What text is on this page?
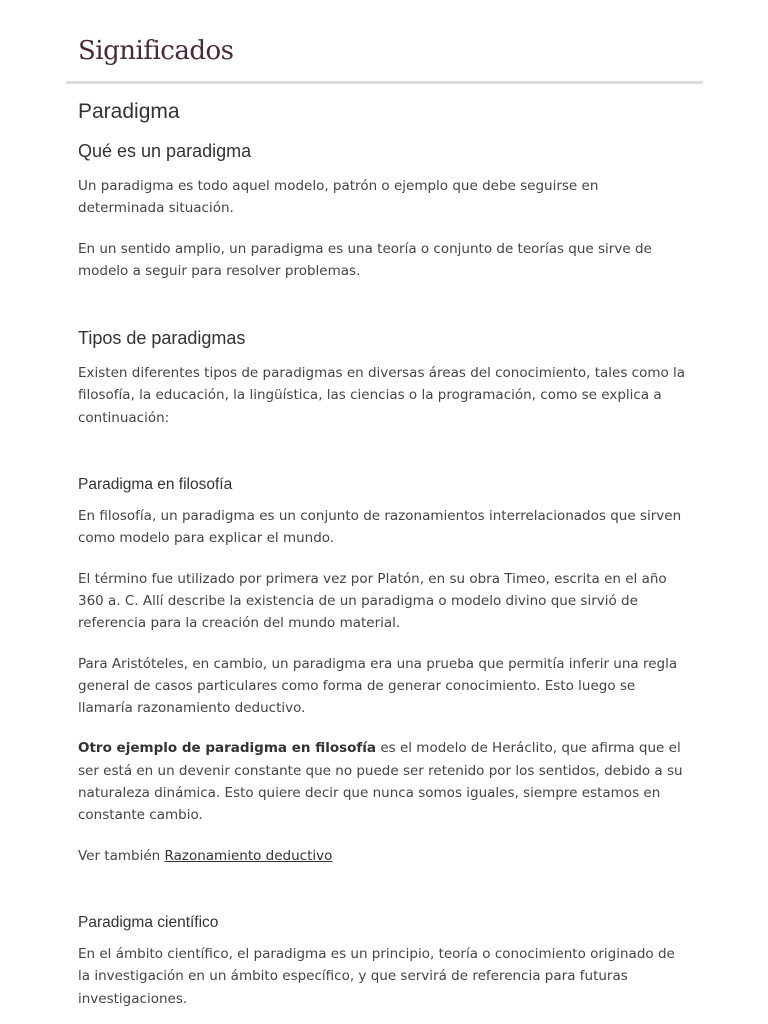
Significados
Paradigma
Qué es un paradigma

Un paradigma es todo aquel modelo, patrón o ejemplo que debe seguirse en determinada situación.

En un sentido amplio, un paradigma es una teoría o conjunto de teorías que sirve de modelo a seguir para resolver problemas.

Tipos de paradigmas

Existen diferentes tipos de paradigmas en diversas áreas del conocimiento, tales como la filosofía, la educación, la lingüística, las ciencias o la programación, como se explica a continuación:

Paradigma en filosofía

En filosofía, un paradigma es un conjunto de razonamientos interrelacionados que sirven como modelo para explicar el mundo.

El término fue utilizado por primera vez por Platón, en su obra Timeo, escrita en el año 360 a. C. Allí describe la existencia de un paradigma o modelo divino que sirvió de referencia para la creación del mundo material.

Para Aristóteles, en cambio, un paradigma era una prueba que permitía inferir una regla general de casos particulares como forma de generar conocimiento. Esto luego se llamaría razonamiento deductivo.

Otro ejemplo de paradigma en filosofía es el modelo de Heráclito, que afirma que el ser está en un devenir constante que no puede ser retenido por los sentidos, debido a su naturaleza dinámica. Esto quiere decir que nunca somos iguales, siempre estamos en constante cambio.

Ver también Razonamiento deductivo

Paradigma científico

En el ámbito científico, el paradigma es un principio, teoría o conocimiento originado de la investigación en un ámbito específico, y que servirá de referencia para futuras investigaciones.
